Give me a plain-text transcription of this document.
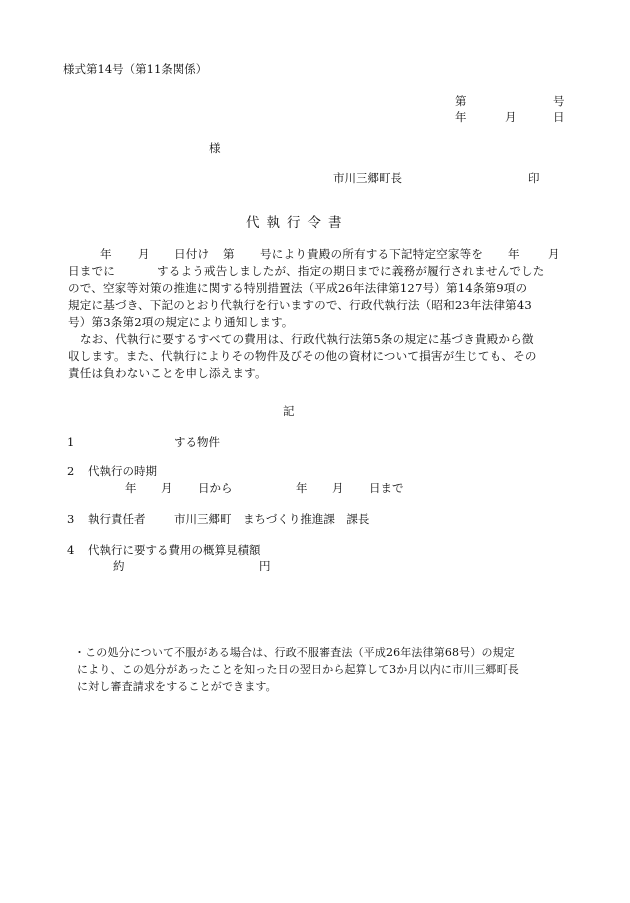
様式第14号（第11条関係）
第	号
年	月	日
様
市川三郷町長	印
代執行令書
年 月 日付け 第 号により貴殿の所有する下記特定空家等を 年 月
日までに	するよう戒告しましたが、指定の期日までに義務が履行されませんでした
ので、空家等対策の推進に関する特別措置法（平成26年法律第127号）第14条第9項の
規定に基づき、下記のとおり代執行を行いますので、行政代執行法（昭和23年法律第43
号）第3条第2項の規定により通知します。
なお、代執行に要するすべての費用は、行政代執行法第5条の規定に基づき貴殿から徴
収します。また、代執行によりその物件及びその他の資材について損害が生じても、その
責任は負わないことを申し添えます。
記
1	する物件
2 代執行の時期
年 月 日から	年 月 日まで
3 執行責任者 市川三郷町　まちづくり推進課　課長
4 代執行に要する費用の概算見積額
約	円
・この処分について不服がある場合は、行政不服審査法（平成26年法律第68号）の規定
により、この処分があったことを知った日の翌日から起算して3か月以内に市川三郷町長
に対し審査請求をすることができます。
